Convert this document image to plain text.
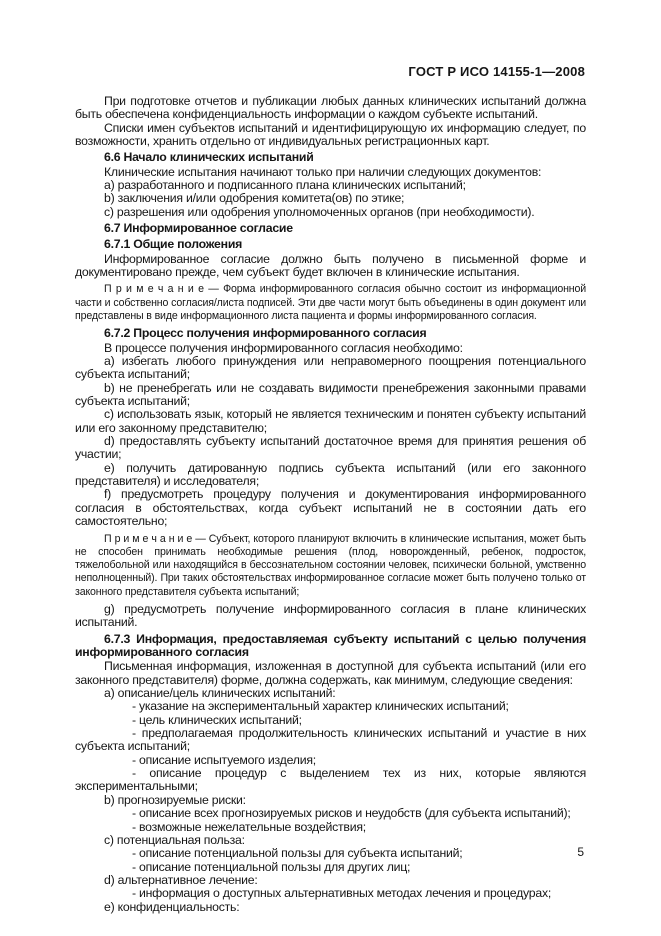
ГОСТ Р ИСО 14155-1—2008
При подготовке отчетов и публикации любых данных клинических испытаний должна быть обеспечена конфиденциальность информации о каждом субъекте испытаний.
Списки имен субъектов испытаний и идентифицирующую их информацию следует, по возможности, хранить отдельно от индивидуальных регистрационных карт.
6.6 Начало клинических испытаний
Клинические испытания начинают только при наличии следующих документов:
a) разработанного и подписанного плана клинических испытаний;
b) заключения и/или одобрения комитета(ов) по этике;
c) разрешения или одобрения уполномоченных органов (при необходимости).
6.7 Информированное согласие
6.7.1 Общие положения
Информированное согласие должно быть получено в письменной форме и документировано прежде, чем субъект будет включен в клинические испытания.
П р и м е ч а н и е — Форма информированного согласия обычно состоит из информационной части и собственно согласия/листа подписей. Эти две части могут быть объединены в один документ или представлены в виде информационного листа пациента и формы информированного согласия.
6.7.2 Процесс получения информированного согласия
В процессе получения информированного согласия необходимо:
a) избегать любого принуждения или неправомерного поощрения потенциального субъекта испытаний;
b) не пренебрегать или не создавать видимости пренебрежения законными правами субъекта испытаний;
c) использовать язык, который не является техническим и понятен субъекту испытаний или его законному представителю;
d) предоставлять субъекту испытаний достаточное время для принятия решения об участии;
e) получить датированную подпись субъекта испытаний (или его законного представителя) и исследователя;
f) предусмотреть процедуру получения и документирования информированного согласия в обстоятельствах, когда субъект испытаний не в состоянии дать его самостоятельно;
П р и м е ч а н и е — Субъект, которого планируют включить в клинические испытания, может быть не способен принимать необходимые решения (плод, новорожденный, ребенок, подросток, тяжелобольной или находящийся в бессознательном состоянии человек, психически больной, умственно неполноценный). При таких обстоятельствах информированное согласие может быть получено только от законного представителя субъекта испытаний;
g) предусмотреть получение информированного согласия в плане клинических испытаний.
6.7.3 Информация, предоставляемая субъекту испытаний с целью получения информированного согласия
Письменная информация, изложенная в доступной для субъекта испытаний (или его законного представителя) форме, должна содержать, как минимум, следующие сведения:
a) описание/цель клинических испытаний:
- указание на экспериментальный характер клинических испытаний;
- цель клинических испытаний;
- предполагаемая продолжительность клинических испытаний и участие в них субъекта испытаний;
- описание испытуемого изделия;
- описание процедур с выделением тех из них, которые являются экспериментальными;
b) прогнозируемые риски:
- описание всех прогнозируемых рисков и неудобств (для субъекта испытаний);
- возможные нежелательные воздействия;
c) потенциальная польза:
- описание потенциальной пользы для субъекта испытаний;
- описание потенциальной пользы для других лиц;
d) альтернативное лечение:
- информация о доступных альтернативных методах лечения и процедурах;
e) конфиденциальность:
5
